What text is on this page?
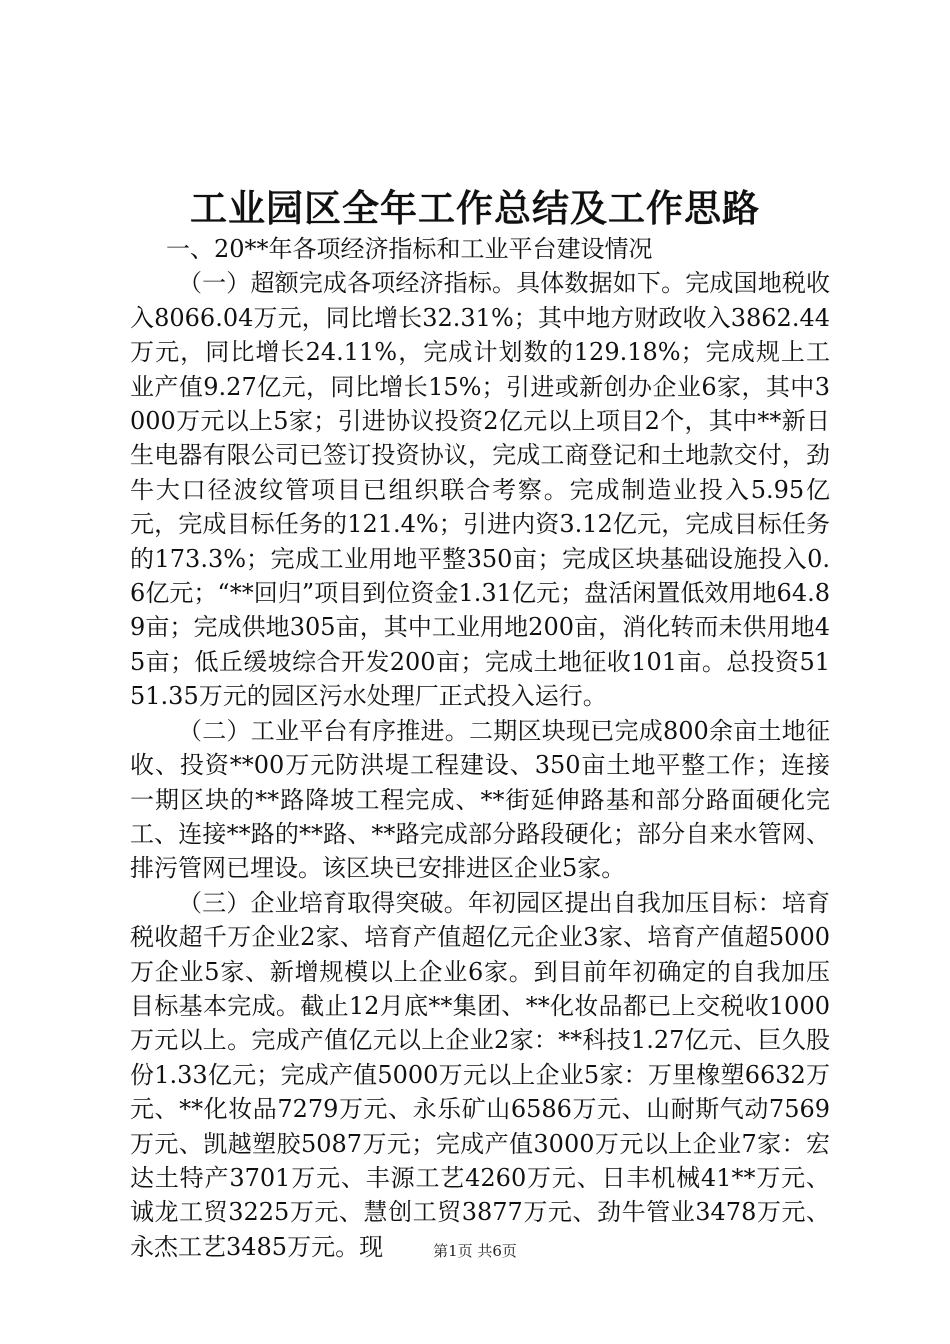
工业园区全年工作总结及工作思路

一、20**年各项经济指标和工业平台建设情况

（一）超额完成各项经济指标。具体数据如下。完成国地税收入8066.04万元，同比增长32.31%；其中地方财政收入3862.44万元，同比增长24.11%，完成计划数的129.18%；完成规上工业产值9.27亿元，同比增长15%；引进或新创办企业6家，其中3000万元以上5家；引进协议投资2亿元以上项目2个，其中**新日生电器有限公司已签订投资协议，完成工商登记和土地款交付，劲牛大口径波纹管项目已组织联合考察。完成制造业投入5.95亿元，完成目标任务的121.4%；引进内资3.12亿元，完成目标任务的173.3%；完成工业用地平整350亩；完成区块基础设施投入0.6亿元；“**回归”项目到位资金1.31亿元；盘活闲置低效用地64.89亩；完成供地305亩，其中工业用地200亩，消化转而未供用地45亩；低丘缓坡综合开发200亩；完成土地征收101亩。总投资5151.35万元的园区污水处理厂正式投入运行。

（二）工业平台有序推进。二期区块现已完成800余亩土地征收、投资**00万元防洪堤工程建设、350亩土地平整工作；连接一期区块的**路降坡工程完成、**街延伸路基和部分路面硬化完工、连接**路的**路、**路完成部分路段硬化；部分自来水管网、排污管网已埋设。该区块已安排进区企业5家。

（三）企业培育取得突破。年初园区提出自我加压目标：培育税收超千万企业2家、培育产值超亿元企业3家、培育产值超5000万企业5家、新增规模以上企业6家。到目前年初确定的自我加压目标基本完成。截止12月底**集团、**化妆品都已上交税收1000万元以上。完成产值亿元以上企业2家：**科技1.27亿元、巨久股份1.33亿元；完成产值5000万元以上企业5家：万里橡塑6632万元、**化妆品7279万元、永乐矿山6586万元、山耐斯气动7569万元、凯越塑胶5087万元；完成产值3000万元以上企业7家：宏达土特产3701万元、丰源工艺4260万元、日丰机械41**万元、诚龙工贸3225万元、慧创工贸3877万元、劲牛管业3478万元、永杰工艺3485万元。现	第1页 共6页
